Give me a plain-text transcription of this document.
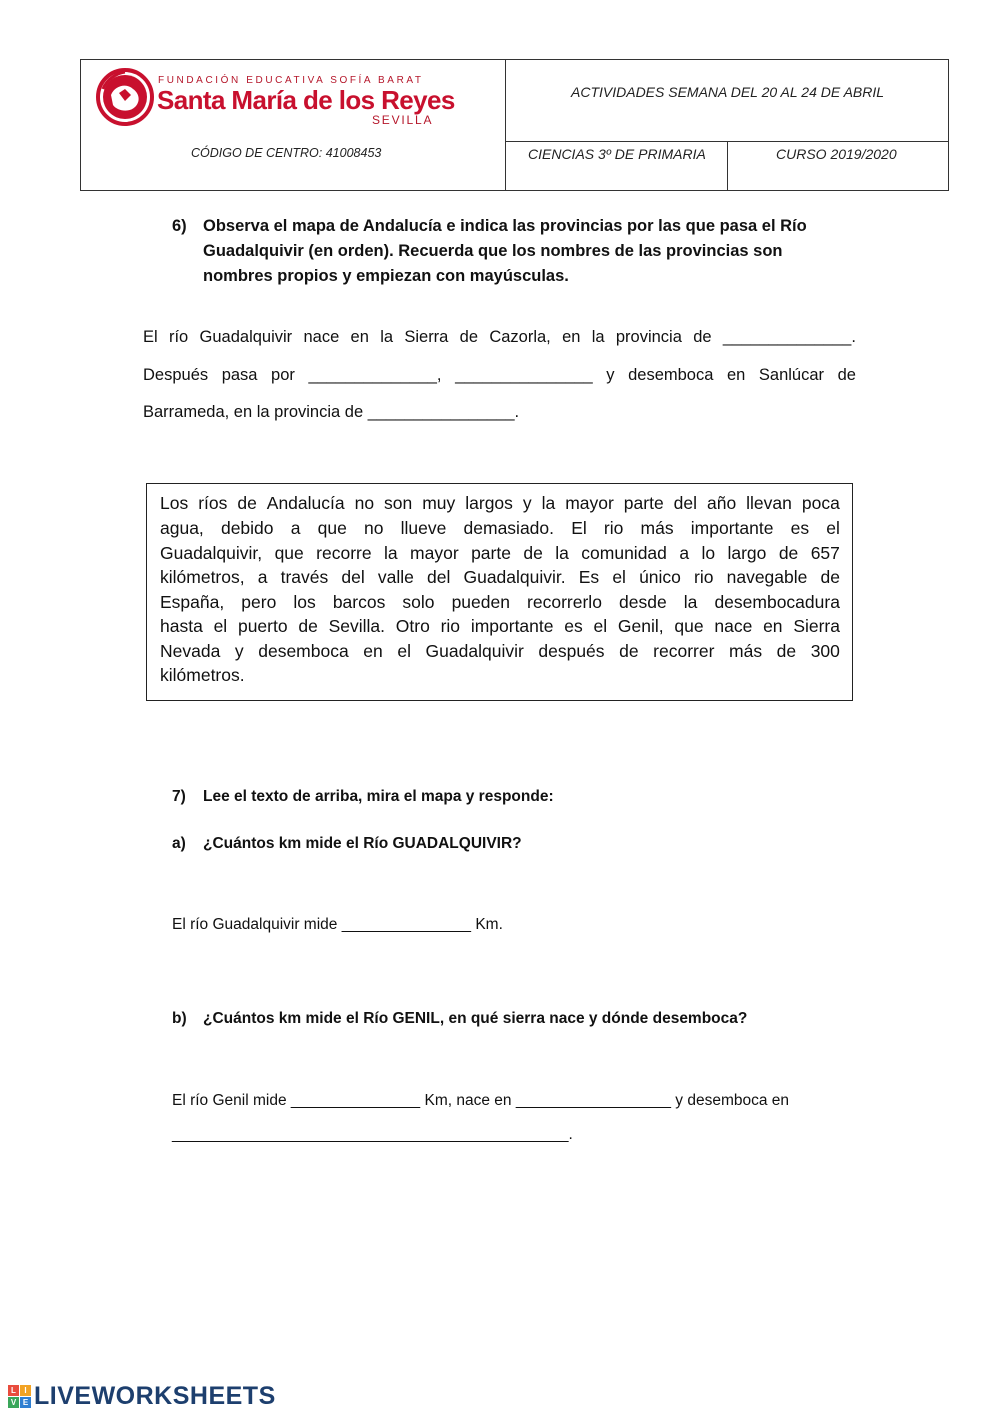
FUNDACIÓN EDUCATIVA SOFÍA BARAT
Santa María de los Reyes
SEVILLA
CÓDIGO DE CENTRO: 41008453
ACTIVIDADES SEMANA DEL 20 AL 24 DE ABRIL
CIENCIAS 3º DE PRIMARIA	CURSO 2019/2020
6) Observa el mapa de Andalucía e indica las provincias por las que pasa el Río
Guadalquivir (en orden). Recuerda que los nombres de las provincias son
nombres propios y empiezan con mayúsculas.
El río Guadalquivir nace en la Sierra de Cazorla, en la provincia de ______________.
Después pasa por ______________, _______________ y desemboca en Sanlúcar de
Barrameda, en la provincia de ________________.
Los ríos de Andalucía no son muy largos y la mayor parte del año llevan poca
agua, debido a que no llueve demasiado. El rio más importante es el
Guadalquivir, que recorre la mayor parte de la comunidad a lo largo de 657
kilómetros, a través del valle del Guadalquivir. Es el único rio navegable de
España, pero los barcos solo pueden recorrerlo desde la desembocadura
hasta el puerto de Sevilla. Otro rio importante es el Genil, que nace en Sierra
Nevada y desemboca en el Guadalquivir después de recorrer más de 300
kilómetros.
7) Lee el texto de arriba, mira el mapa y responde:
a) ¿Cuántos km mide el Río GUADALQUIVIR?
El río Guadalquivir mide _______________ Km.
b) ¿Cuántos km mide el Río GENIL, en qué sierra nace y dónde desemboca?
El río Genil mide _______________ Km, nace en __________________ y desemboca en
______________________________________________.
L	I
V E LIVEWORKSHEETS
